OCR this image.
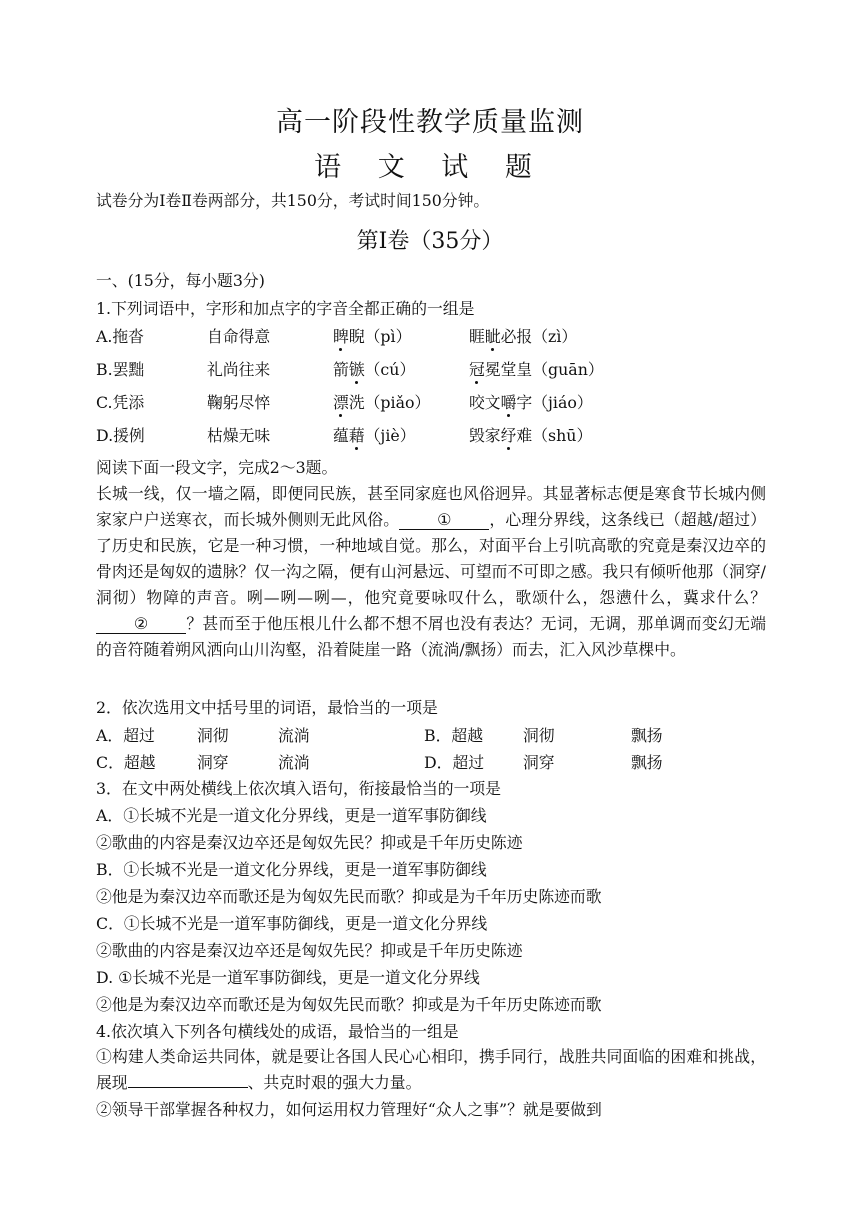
高一阶段性教学质量监测
语 文 试 题
试卷分为Ⅰ卷Ⅱ卷两部分，共150分，考试时间150分钟。
第Ⅰ卷（35分）
一、(15分，每小题3分)
1.下列词语中，字形和加点字的字音全都正确的一组是
A.拖沓	自命得意	睥睨（pì）	睚眦必报（zì）
B.罢黜	礼尚往来	箭镞（cú）	冠冕堂皇（guān）
C.凭添	鞠躬尽悴	漂洗（piǎo） 咬文嚼字（jiáo）
D.援例	枯燥无味	蕴藉（jiè）	毁家纾难（shū）
阅读下面一段文字，完成2～3题。
长城一线，仅一墙之隔，即便同民族，甚至同家庭也风俗迥异。其显著标志便是寒食节长城内侧家家户户送寒衣，而长城外侧则无此风俗。 ① ，心理分界线，这条线已（超越/超过）了历史和民族，它是一种习惯，一种地域自觉。那么，对面平台上引吭高歌的究竟是秦汉边卒的骨肉还是匈奴的遗脉？仅一沟之隔，便有山河悬远、可望而不可即之感。我只有倾听他那（洞穿/洞彻）物障的声音。咧—咧—咧—，他究竟要咏叹什么，歌颂什么，怨懑什么，冀求什么？② ？甚而至于他压根儿什么都不想不屑也没有表达？无词，无调，那单调而变幻无端的音符随着朔风洒向山川沟壑，沿着陡崖一路（流淌/飘扬）而去，汇入风沙草棵中。
2．依次选用文中括号里的词语，最恰当的一项是
A．超过	洞彻	流淌	B．超越	洞彻	飘扬
C．超越	洞穿	流淌	D．超过 洞穿	飘扬
3．在文中两处横线上依次填入语句，衔接最恰当的一项是
A．①长城不光是一道文化分界线，更是一道军事防御线
②歌曲的内容是秦汉边卒还是匈奴先民？抑或是千年历史陈迹
B．①长城不光是一道文化分界线，更是一道军事防御线
②他是为秦汉边卒而歌还是为匈奴先民而歌？抑或是为千年历史陈迹而歌
C．①长城不光是一道军事防御线，更是一道文化分界线
②歌曲的内容是秦汉边卒还是匈奴先民？抑或是千年历史陈迹
D. ①长城不光是一道军事防御线，更是一道文化分界线
②他是为秦汉边卒而歌还是为匈奴先民而歌？抑或是为千年历史陈迹而歌
4.依次填入下列各句横线处的成语，最恰当的一组是
①构建人类命运共同体，就是要让各国人民心心相印，携手同行，战胜共同面临的困难和挑战，展现	、共克时艰的强大力量。
②领导干部掌握各种权力，如何运用权力管理好“众人之事”？就是要做到
